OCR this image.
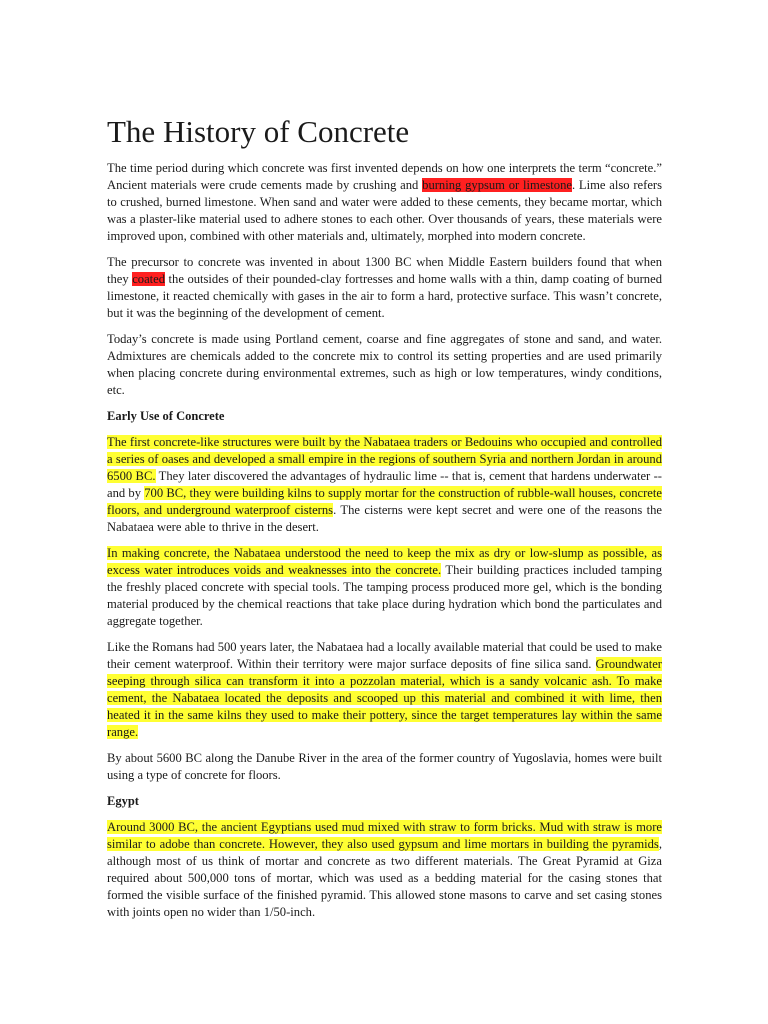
The History of Concrete

The time period during which concrete was first invented depends on how one interprets the term “concrete.” Ancient materials were crude cements made by crushing and burning gypsum or limestone. Lime also refers to crushed, burned limestone. When sand and water were added to these cements, they became mortar, which was a plaster-like material used to adhere stones to each other. Over thousands of years, these materials were improved upon, combined with other materials and, ultimately, morphed into modern concrete.

The precursor to concrete was invented in about 1300 BC when Middle Eastern builders found that when they coated the outsides of their pounded-clay fortresses and home walls with a thin, damp coating of burned limestone, it reacted chemically with gases in the air to form a hard, protective surface. This wasn’t concrete, but it was the beginning of the development of cement.

Today’s concrete is made using Portland cement, coarse and fine aggregates of stone and sand, and water. Admixtures are chemicals added to the concrete mix to control its setting properties and are used primarily when placing concrete during environmental extremes, such as high or low temperatures, windy conditions, etc.

Early Use of Concrete

The first concrete-like structures were built by the Nabataea traders or Bedouins who occupied and controlled a series of oases and developed a small empire in the regions of southern Syria and northern Jordan in around 6500 BC. They later discovered the advantages of hydraulic lime -- that is, cement that hardens underwater -- and by 700 BC, they were building kilns to supply mortar for the construction of rubble-wall houses, concrete floors, and underground waterproof cisterns. The cisterns were kept secret and were one of the reasons the Nabataea were able to thrive in the desert.

In making concrete, the Nabataea understood the need to keep the mix as dry or low-slump as possible, as excess water introduces voids and weaknesses into the concrete. Their building practices included tamping the freshly placed concrete with special tools. The tamping process produced more gel, which is the bonding material produced by the chemical reactions that take place during hydration which bond the particulates and aggregate together.

Like the Romans had 500 years later, the Nabataea had a locally available material that could be used to make their cement waterproof. Within their territory were major surface deposits of fine silica sand. Groundwater seeping through silica can transform it into a pozzolan material, which is a sandy volcanic ash. To make cement, the Nabataea located the deposits and scooped up this material and combined it with lime, then heated it in the same kilns they used to make their pottery, since the target temperatures lay within the same range.

By about 5600 BC along the Danube River in the area of the former country of Yugoslavia, homes were built using a type of concrete for floors.

Egypt

Around 3000 BC, the ancient Egyptians used mud mixed with straw to form bricks. Mud with straw is more similar to adobe than concrete. However, they also used gypsum and lime mortars in building the pyramids, although most of us think of mortar and concrete as two different materials. The Great Pyramid at Giza required about 500,000 tons of mortar, which was used as a bedding material for the casing stones that formed the visible surface of the finished pyramid. This allowed stone masons to carve and set casing stones with joints open no wider than 1/50-inch.
